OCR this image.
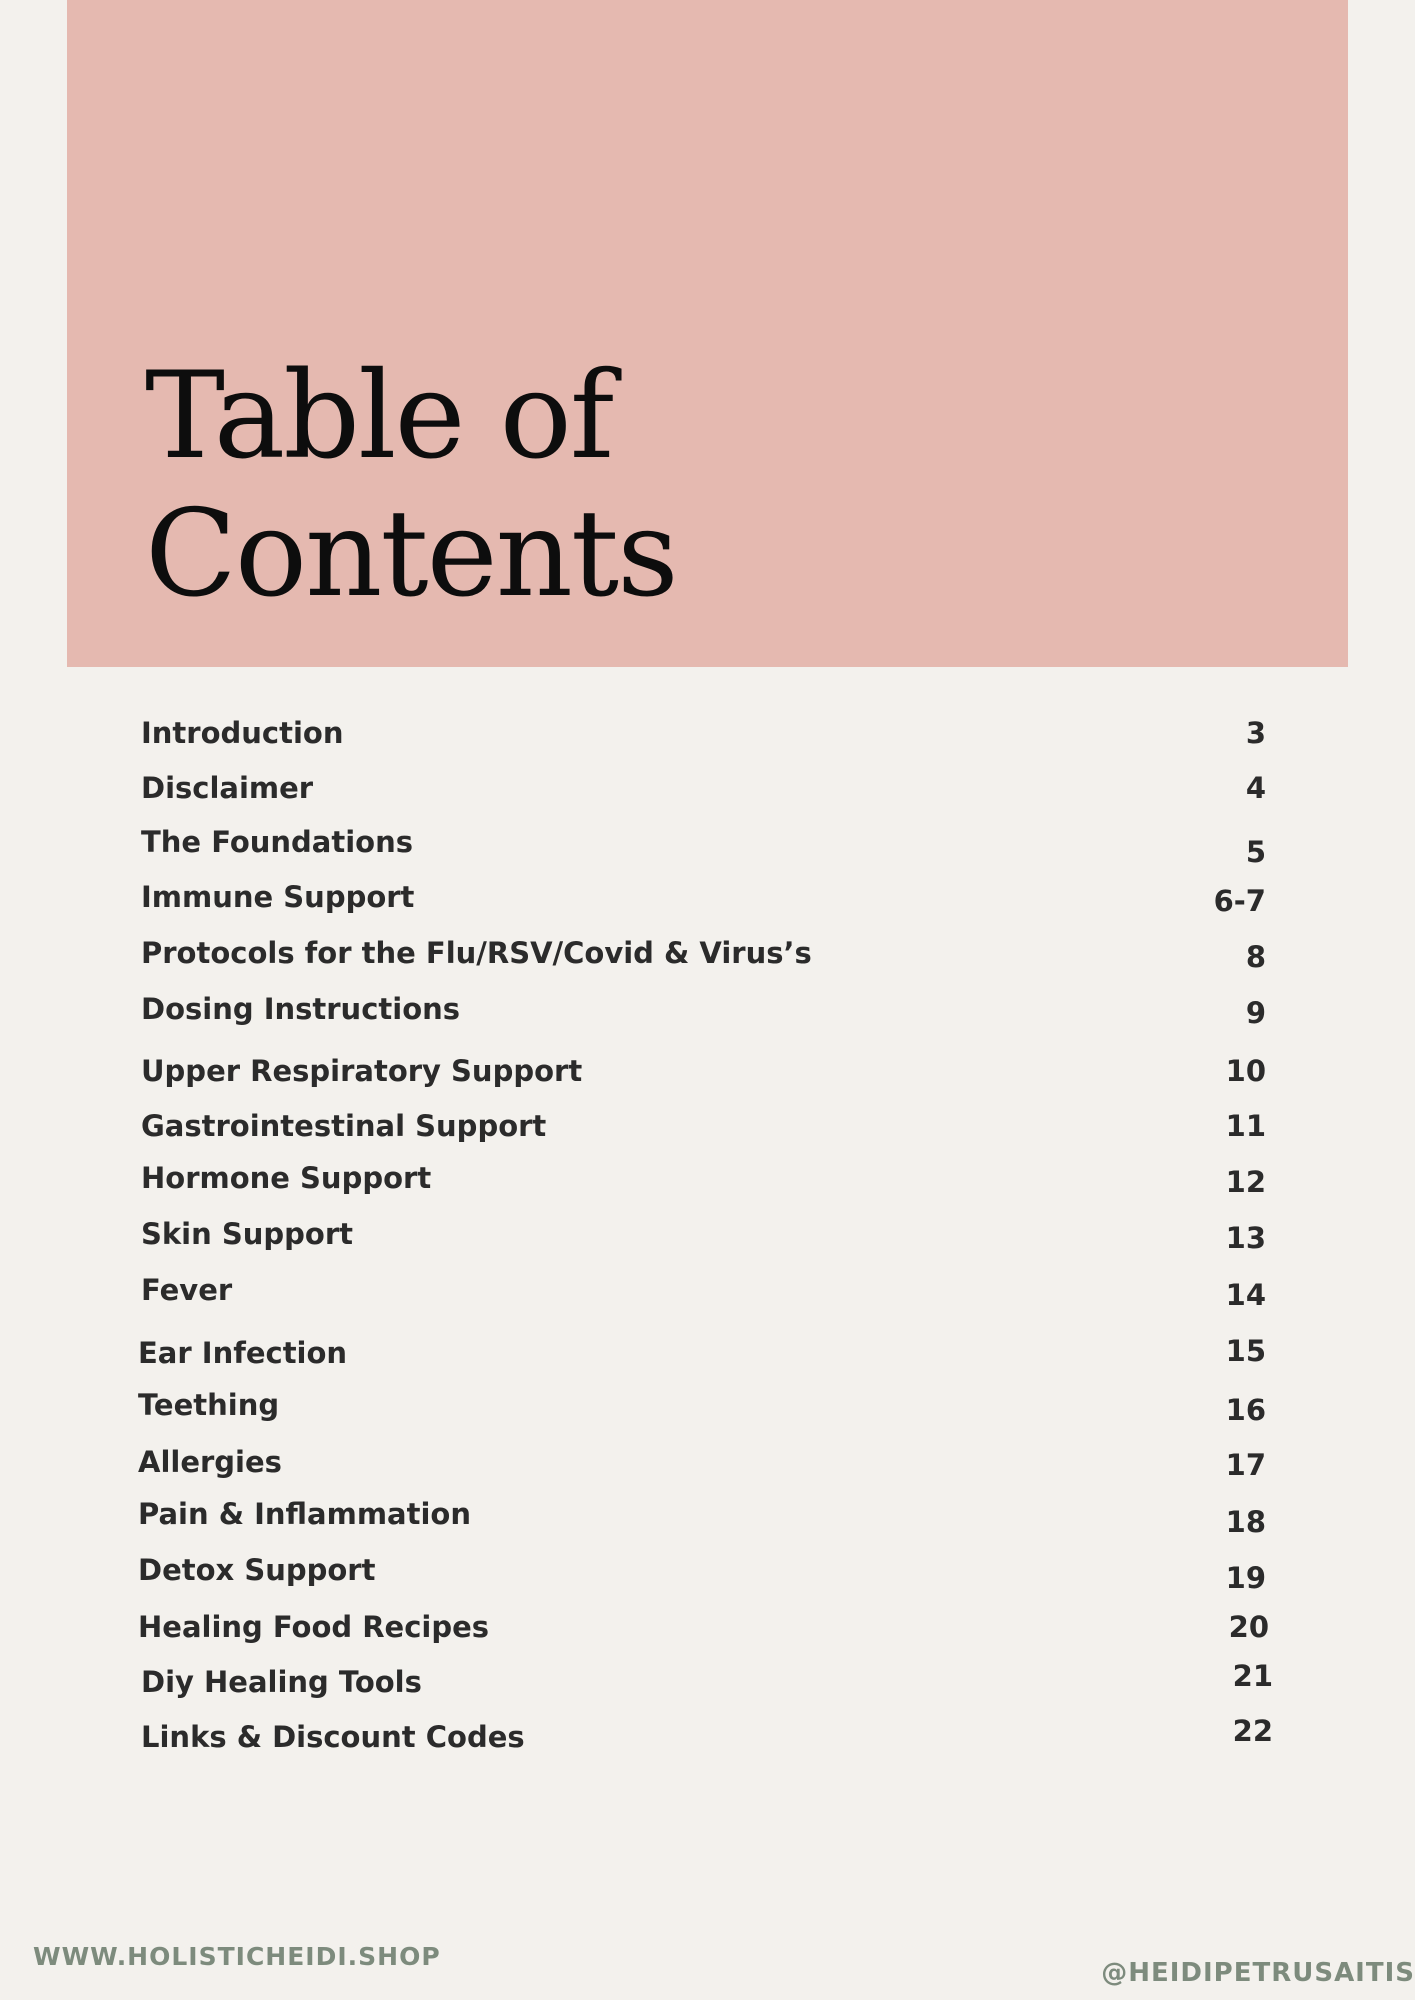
Table of
Contents
Introduction	3
Disclaimer	4
The Foundations	5
Immune Support	6-7
Protocols for the Flu/RSV/Covid & Virus’s	8
Dosing Instructions	9
Upper Respiratory Support	10
Gastrointestinal Support	11
Hormone Support	12
Skin Support	13
Fever	14
Ear Infection	15
Teething	16
Allergies	17
Pain & Inflammation	18
Detox Support	19
Healing Food Recipes	20
Diy Healing Tools	21
Links & Discount Codes	22
WWW.HOLISTICHEIDI.SHOP
@HEIDIPETRUSAITIS
